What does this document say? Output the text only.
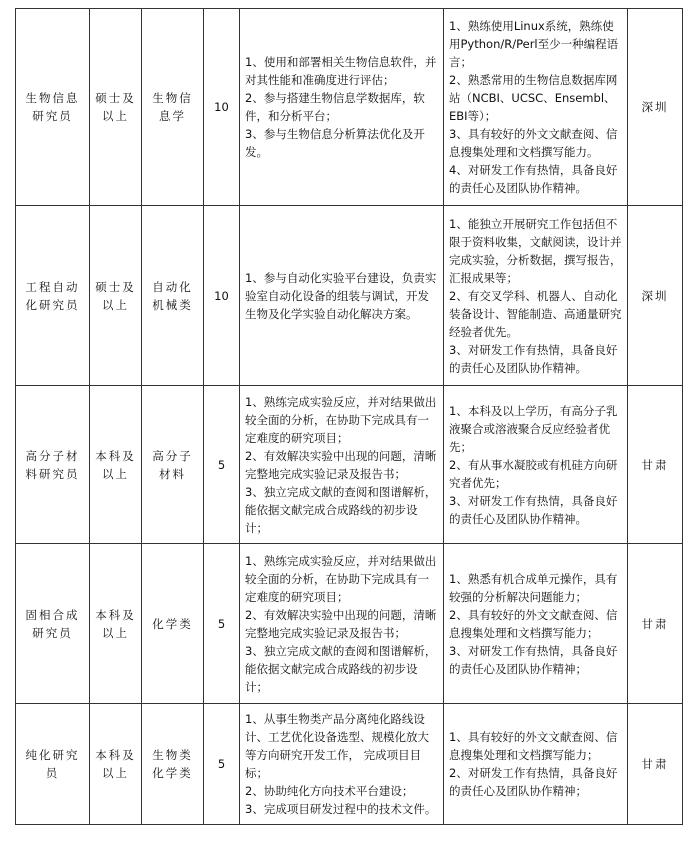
生物信息研究员	硕士及以上	生物信息学	10	1、使用和部署相关生物信息软件，并对其性能和准确度进行评估；
2、参与搭建生物信息学数据库，软件，和分析平台；
3、参与生物信息分析算法优化及开发。	1、熟练使用Linux系统，熟练使用Python/R/Perl至少一种编程语言；
2、熟悉常用的生物信息数据库网站（NCBI、UCSC、Ensembl、EBI等）；
3、具有较好的外文文献查阅、信息搜集处理和文档撰写能力。
4、对研发工作有热情，具备良好的责任心及团队协作精神。	深圳
工程自动化研究员	硕士及以上	自动化机械类	10	1、参与自动化实验平台建设，负责实验室自动化设备的组装与调试，开发生物及化学实验自动化解决方案。	1、能独立开展研究工作包括但不限于资料收集，文献阅读，设计并完成实验，分析数据，撰写报告，汇报成果等；
2、有交叉学科、机器人、自动化装备设计、智能制造、高通量研究经验者优先。
3、对研发工作有热情，具备良好的责任心及团队协作精神。	深圳
高分子材料研究员	本科及以上	高分子材料	5	1、熟练完成实验反应，并对结果做出较全面的分析，在协助下完成具有一定难度的研究项目；
2、有效解决实验中出现的问题，清晰完整地完成实验记录及报告书；
3、独立完成文献的查阅和图谱解析，能依据文献完成合成路线的初步设计；	1、本科及以上学历，有高分子乳液聚合或溶液聚合反应经验者优先；
2、有从事水凝胶或有机硅方向研究者优先；
3、对研发工作有热情，具备良好的责任心及团队协作精神。	甘肃
固相合成研究员	本科及以上	化学类	5	1、熟练完成实验反应，并对结果做出较全面的分析，在协助下完成具有一定难度的研究项目；
2、有效解决实验中出现的问题，清晰完整地完成实验记录及报告书；
3、独立完成文献的查阅和图谱解析，能依据文献完成合成路线的初步设计；	1、熟悉有机合成单元操作，具有较强的分析解决问题能力；
2、具有较好的外文文献查阅、信息搜集处理和文档撰写能力；
3、对研发工作有热情，具备良好的责任心及团队协作精神；	甘肃
纯化研究员	本科及以上	生物类化学类	5	1、从事生物类产品分离纯化路线设计、工艺优化设备选型、规模化放大等方向研究开发工作， 完成项目目标；
2、协助纯化方向技术平台建设；
3、完成项目研发过程中的技术文件。	1、具有较好的外文文献查阅、信息搜集处理和文档撰写能力；
2、对研发工作有热情，具备良好的责任心及团队协作精神；	甘肃
